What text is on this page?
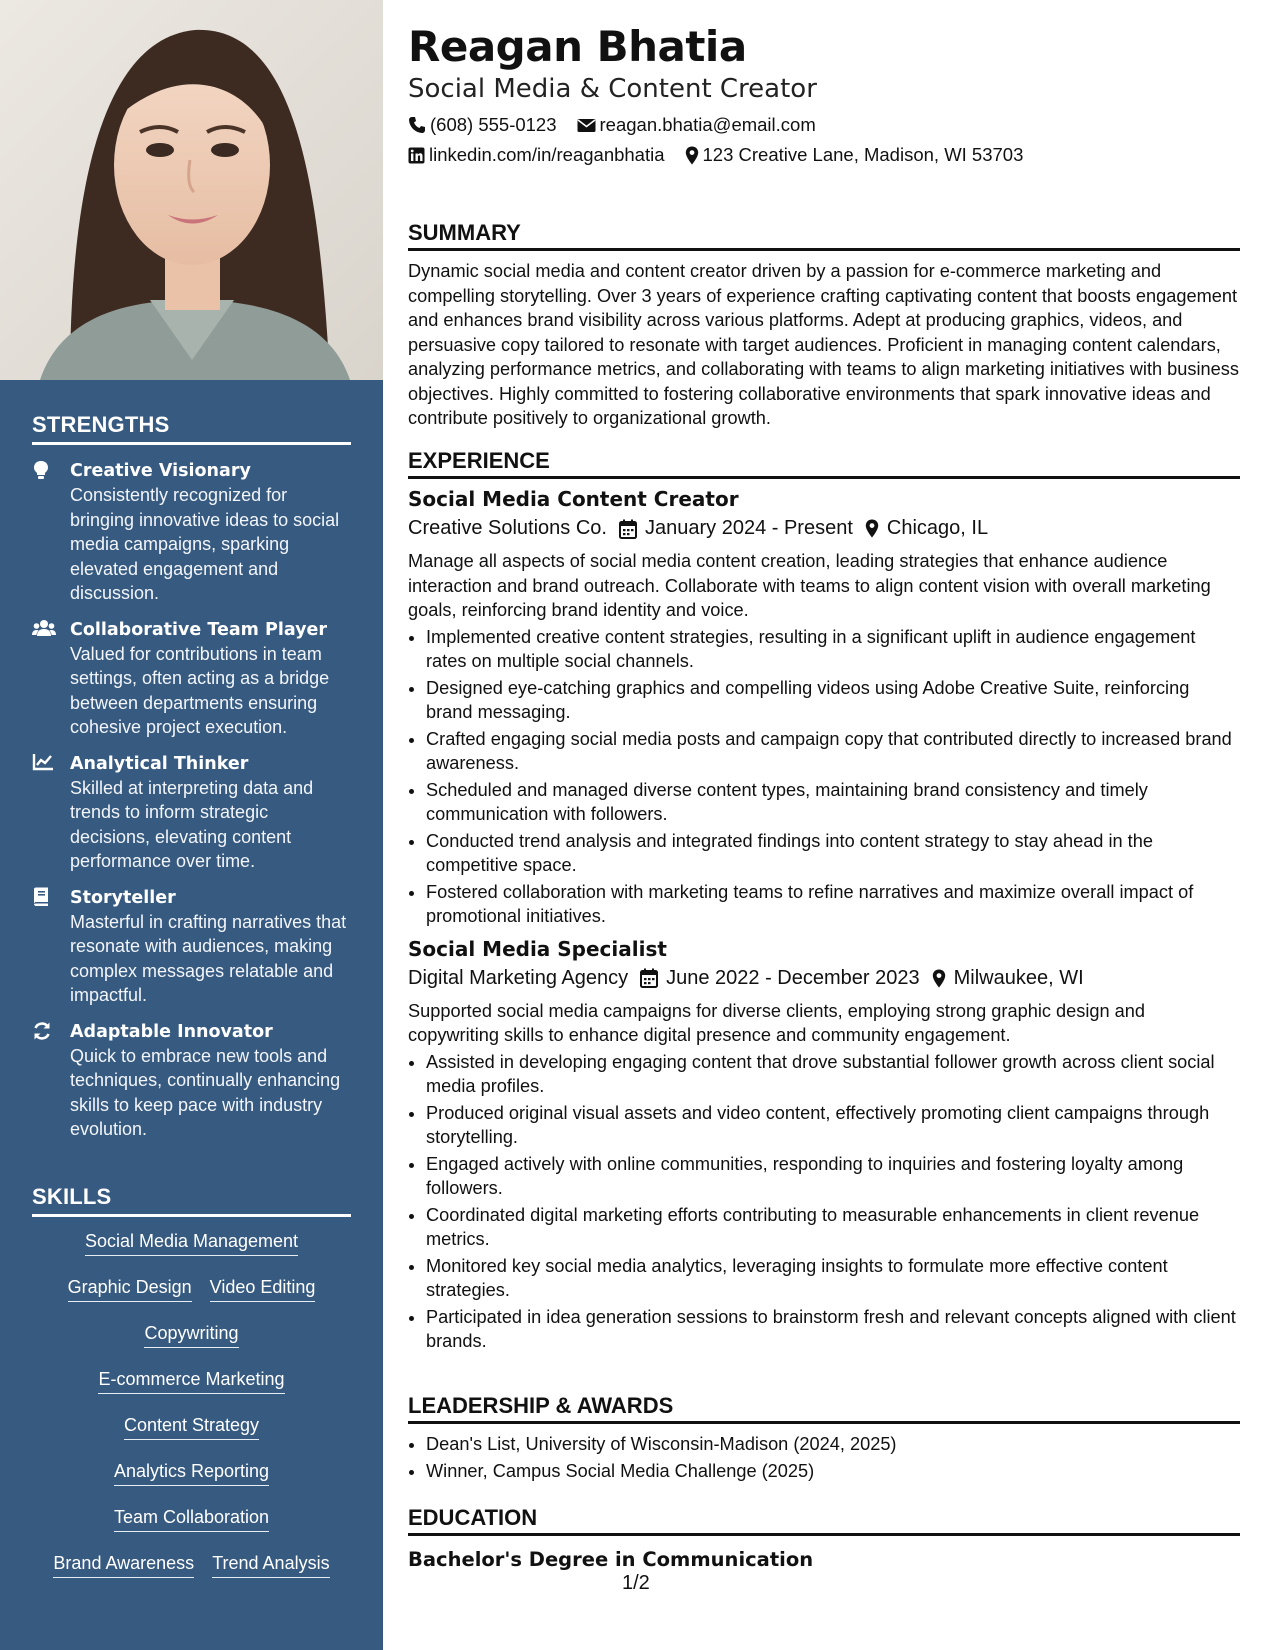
STRENGTHS
Creative Visionary
Consistently recognized for bringing innovative ideas to social media campaigns, sparking elevated engagement and discussion.
Collaborative Team Player
Valued for contributions in team settings, often acting as a bridge between departments ensuring cohesive project execution.
Analytical Thinker
Skilled at interpreting data and trends to inform strategic decisions, elevating content performance over time.
Storyteller
Masterful in crafting narratives that resonate with audiences, making complex messages relatable and impactful.
Adaptable Innovator
Quick to embrace new tools and techniques, continually enhancing skills to keep pace with industry evolution.
SKILLS
Social Media Management
Graphic Design Video Editing
Copywriting
E-commerce Marketing
Content Strategy
Analytics Reporting
Team Collaboration
Brand Awareness Trend Analysis
Reagan Bhatia
Social Media & Content Creator
(608) 555-0123 reagan.bhatia@email.com
linkedin.com/in/reaganbhatia 123 Creative Lane, Madison, WI 53703
SUMMARY
Dynamic social media and content creator driven by a passion for e-commerce marketing and compelling storytelling. Over 3 years of experience crafting captivating content that boosts engagement and enhances brand visibility across various platforms. Adept at producing graphics, videos, and persuasive copy tailored to resonate with target audiences. Proficient in managing content calendars, analyzing performance metrics, and collaborating with teams to align marketing initiatives with business objectives. Highly committed to fostering collaborative environments that spark innovative ideas and contribute positively to organizational growth.
EXPERIENCE
Social Media Content Creator
Creative Solutions Co. January 2024 - Present Chicago, IL
Manage all aspects of social media content creation, leading strategies that enhance audience interaction and brand outreach. Collaborate with teams to align content vision with overall marketing goals, reinforcing brand identity and voice.
• Implemented creative content strategies, resulting in a significant uplift in audience engagement rates on multiple social channels.
• Designed eye-catching graphics and compelling videos using Adobe Creative Suite, reinforcing brand messaging.
• Crafted engaging social media posts and campaign copy that contributed directly to increased brand awareness.
• Scheduled and managed diverse content types, maintaining brand consistency and timely communication with followers.
• Conducted trend analysis and integrated findings into content strategy to stay ahead in the competitive space.
• Fostered collaboration with marketing teams to refine narratives and maximize overall impact of promotional initiatives.
Social Media Specialist
Digital Marketing Agency June 2022 - December 2023 Milwaukee, WI
Supported social media campaigns for diverse clients, employing strong graphic design and copywriting skills to enhance digital presence and community engagement.
• Assisted in developing engaging content that drove substantial follower growth across client social media profiles.
• Produced original visual assets and video content, effectively promoting client campaigns through storytelling.
• Engaged actively with online communities, responding to inquiries and fostering loyalty among followers.
• Coordinated digital marketing efforts contributing to measurable enhancements in client revenue metrics.
• Monitored key social media analytics, leveraging insights to formulate more effective content strategies.
• Participated in idea generation sessions to brainstorm fresh and relevant concepts aligned with client brands.
LEADERSHIP & AWARDS
• Dean's List, University of Wisconsin-Madison (2024, 2025)
• Winner, Campus Social Media Challenge (2025)
EDUCATION
Bachelor's Degree in Communication
1/2
